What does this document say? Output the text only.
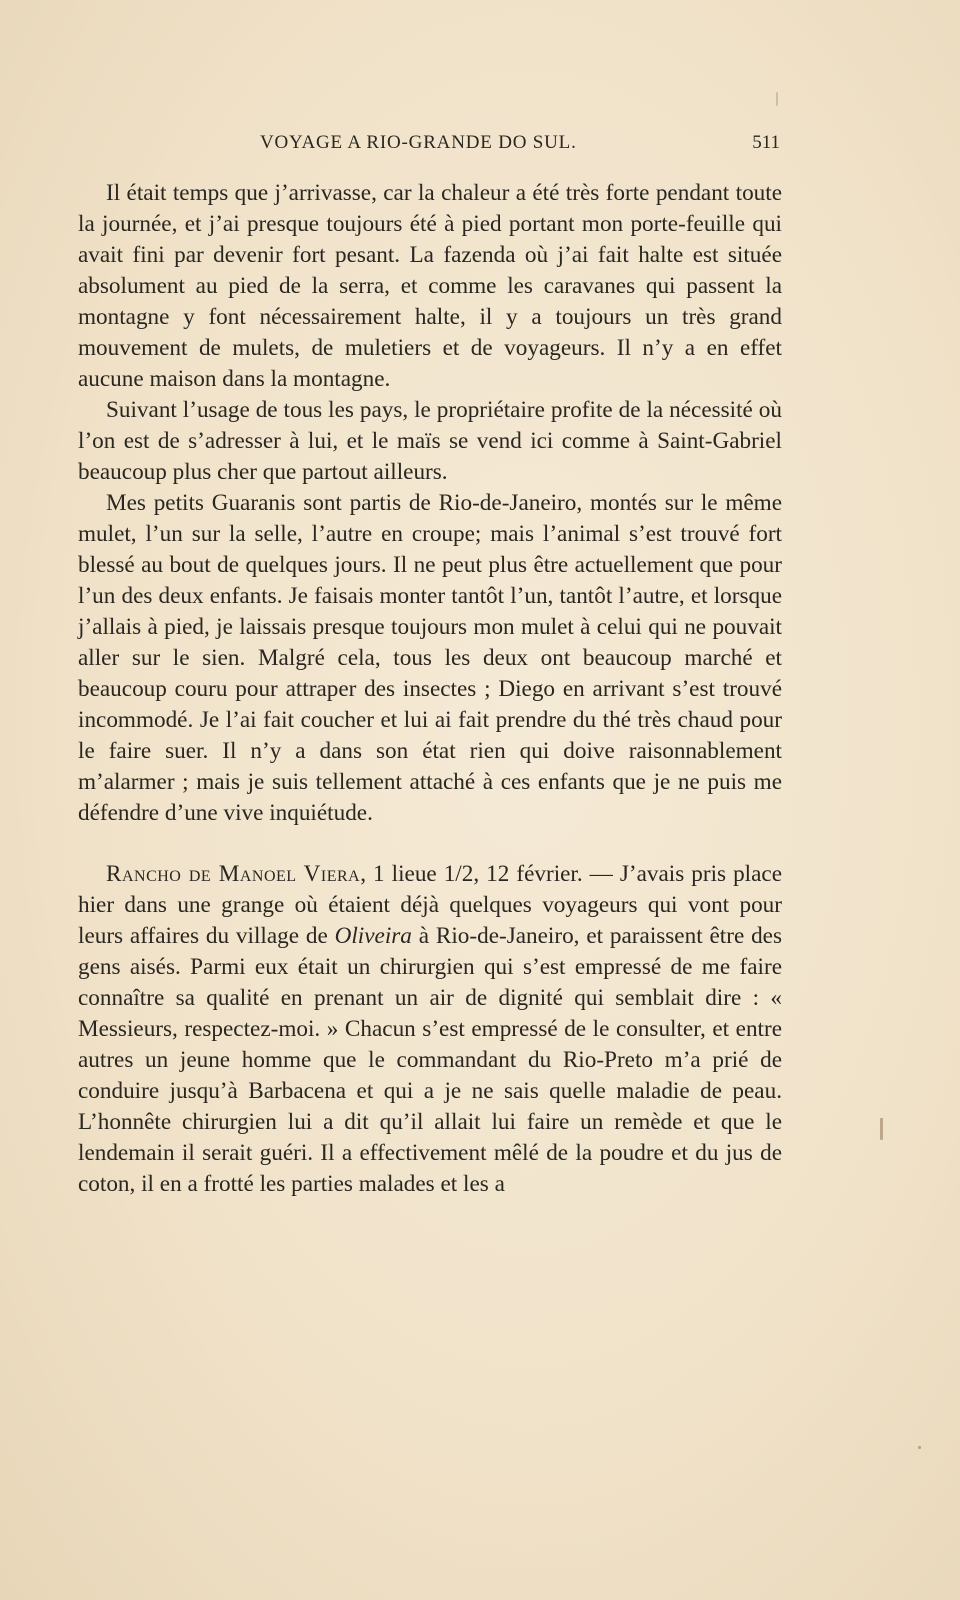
VOYAGE A RIO-GRANDE DO SUL.	511

Il était temps que j’arrivasse, car la chaleur a été très forte pendant toute la journée, et j’ai presque toujours été à pied portant mon porte-feuille qui avait fini par devenir fort pesant. La fazenda où j’ai fait halte est située absolument au pied de la serra, et comme les caravanes qui passent la montagne y font nécessairement halte, il y a toujours un très grand mouvement de mulets, de muletiers et de voyageurs. Il n’y a en effet aucune maison dans la montagne.

Suivant l’usage de tous les pays, le propriétaire profite de la nécessité où l’on est de s’adresser à lui, et le maïs se vend ici comme à Saint-Gabriel beaucoup plus cher que partout ailleurs.

Mes petits Guaranis sont partis de Rio-de-Janeiro, montés sur le même mulet, l’un sur la selle, l’autre en croupe; mais l’animal s’est trouvé fort blessé au bout de quelques jours. Il ne peut plus être actuellement que pour l’un des deux enfants. Je faisais monter tantôt l’un, tantôt l’autre, et lorsque j’allais à pied, je laissais presque toujours mon mulet à celui qui ne pouvait aller sur le sien. Malgré cela, tous les deux ont beaucoup marché et beaucoup couru pour attraper des insectes ; Diego en arrivant s’est trouvé incommodé. Je l’ai fait coucher et lui ai fait prendre du thé très chaud pour le faire suer. Il n’y a dans son état rien qui doive raisonnablement m’alarmer ; mais je suis tellement attaché à ces enfants que je ne puis me défendre d’une vive inquiétude.

Rancho de Manoel Viera, 1 lieue 1/2, 12 février. — J’avais pris place hier dans une grange où étaient déjà quelques voyageurs qui vont pour leurs affaires du village de Oliveira à Rio-de-Janeiro, et paraissent être des gens aisés. Parmi eux était un chirurgien qui s’est empressé de me faire connaître sa qualité en prenant un air de dignité qui semblait dire : « Messieurs, respectez-moi. » Chacun s’est empressé de le consulter, et entre autres un jeune homme que le commandant du Rio-Preto m’a prié de conduire jusqu’à Barbacena et qui a je ne sais quelle maladie de peau. L’honnête chirurgien lui a dit qu’il allait lui faire un remède et que le lendemain il serait guéri. Il a effectivement mêlé de la poudre et du jus de coton, il en a frotté les parties malades et les a
